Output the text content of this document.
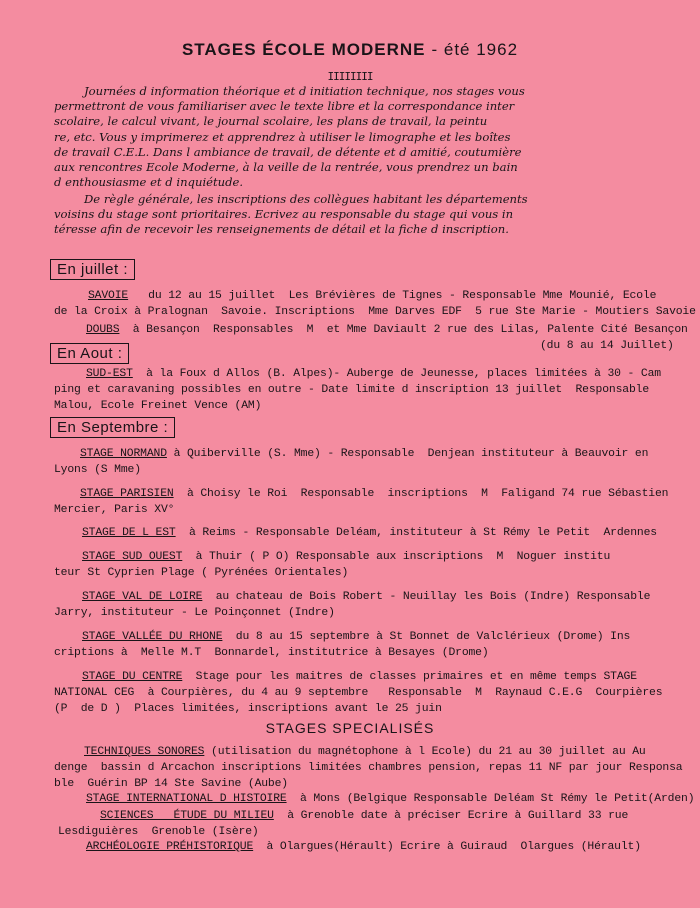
STAGES ÉCOLE MODERNE - été 1962
IIIIIIII
Journées d information théorique et d initiation technique, nos stages vous
permettront de vous familiariser avec le texte libre et la correspondance inter
scolaire, le calcul vivant, le journal scolaire, les plans de travail, la peintu
re, etc. Vous y imprimerez et apprendrez à utiliser le limographe et les boîtes
de travail C.E.L. Dans l ambiance de travail, de détente et d amitié, coutumière
aux rencontres Ecole Moderne, à la veille de la rentrée, vous prendrez un bain
d enthousiasme et d inquiétude.
De règle générale, les inscriptions des collègues habitant les départements
voisins du stage sont prioritaires. Ecrivez au responsable du stage qui vous in
téresse afin de recevoir les renseignements de détail et la fiche d inscription.
En juillet :
SAVOIE   du 12 au 15 juillet  Les Brévières de Tignes - Responsable Mme Mounié, Ecole
de la Croix à Pralognan  Savoie. Inscriptions  Mme Darves EDF  5 rue Ste Marie - Moutiers Savoie
DOUBS  à Besançon  Responsables  M  et Mme Daviault 2 rue des Lilas, Palente Cité Besançon
(du 8 au 14 Juillet)
En Aout :
SUD-EST  à la Foux d Allos (B. Alpes)- Auberge de Jeunesse, places limitées à 30 - Cam
ping et caravaning possibles en outre - Date limite d inscription 13 juillet  Responsable
Malou, Ecole Freinet Vence (AM)
En Septembre :
STAGE NORMAND à Quiberville (S. Mme) - Responsable  Denjean instituteur à Beauvoir en
Lyons (S Mme)
STAGE PARISIEN  à Choisy le Roi  Responsable  inscriptions  M  Faligand 74 rue Sébastien
Mercier, Paris XV°
STAGE DE L EST  à Reims - Responsable Deléam, instituteur à St Rémy le Petit  Ardennes
STAGE SUD OUEST  à Thuir ( P O) Responsable aux inscriptions  M  Noguer institu
teur St Cyprien Plage ( Pyrénées Orientales)
STAGE VAL DE LOIRE  au chateau de Bois Robert - Neuillay les Bois (Indre) Responsable
Jarry, instituteur - Le Poinçonnet (Indre)
STAGE VALLÉE DU RHONE  du 8 au 15 septembre à St Bonnet de Valclérieux (Drome) Ins
criptions à  Melle M.T  Bonnardel, institutrice à Besayes (Drome)
STAGE DU CENTRE  Stage pour les maitres de classes primaires et en même temps STAGE
NATIONAL CEG  à Courpières, du 4 au 9 septembre   Responsable  M  Raynaud C.E.G  Courpières
(P  de D )  Places limitées, inscriptions avant le 25 juin
STAGES SPECIALISÉS
TECHNIQUES SONORES (utilisation du magnétophone à l Ecole) du 21 au 30 juillet au Au
denge  bassin d Arcachon inscriptions limitées chambres pension, repas 11 NF par jour Responsa
ble  Guérin BP 14 Ste Savine (Aube)
STAGE INTERNATIONAL D HISTOIRE  à Mons (Belgique Responsable Deléam St Rémy le Petit(Arden)
SCIENCES   ÉTUDE DU MILIEU  à Grenoble date à préciser Ecrire à Guillard 33 rue
Lesdiguières  Grenoble (Isère)
ARCHÉOLOGIE PRÉHISTORIQUE  à Olargues(Hérault) Ecrire à Guiraud  Olargues (Hérault)
